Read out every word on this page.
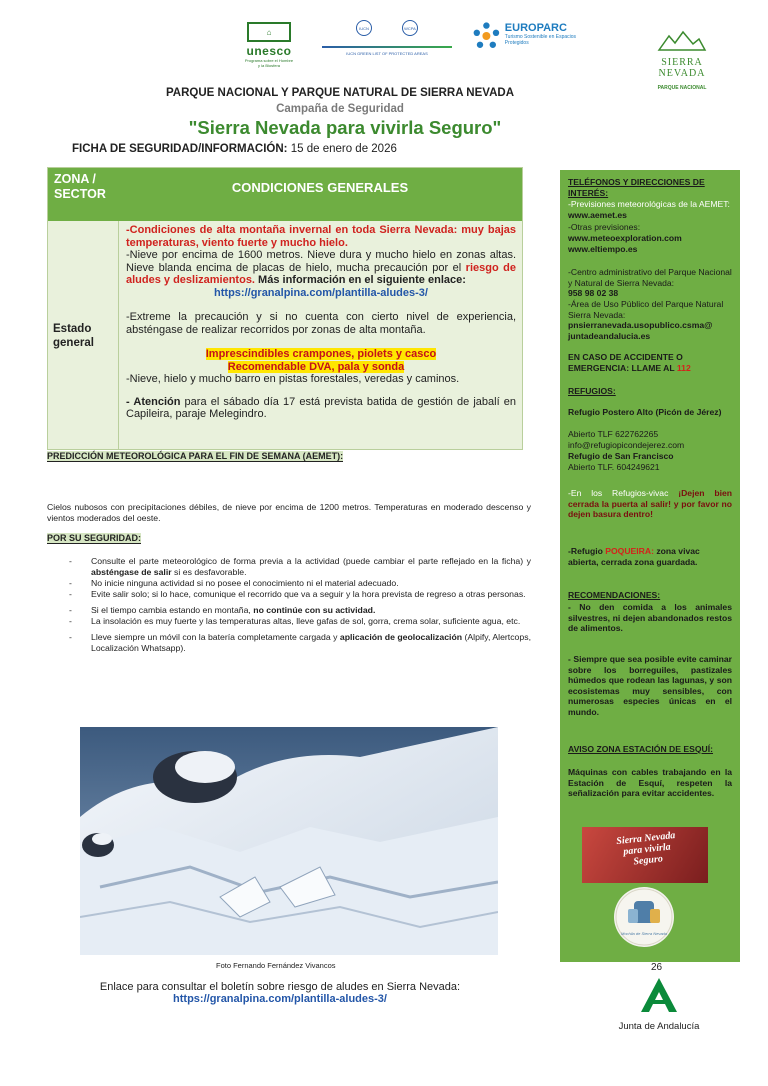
⌂
unesco
Programa sobre el Hombre y la Biosfera
IUCN	WCPA
IUCN GREEN LIST OF PROTECTED AREAS
EUROPARC
Turismo Sostenible en Espacios Protegidos
SIERRA
NEVADA
PARQUE NACIONAL
PARQUE NACIONAL Y PARQUE NATURAL DE SIERRA NEVADA
Campaña de Seguridad
"Sierra Nevada para vivirla Seguro"
FICHA DE SEGURIDAD/INFORMACIÓN: 15 de enero de 2026
ZONA / SECTOR	CONDICIONES GENERALES
Estado general
-Condiciones de alta montaña invernal en toda Sierra Nevada: muy bajas temperaturas, viento fuerte y mucho hielo.
-Nieve por encima de 1600 metros. Nieve dura y mucho hielo en zonas altas. Nieve blanda encima de placas de hielo, mucha precaución por el riesgo de aludes y deslizamientos. Más información en el siguiente enlace:
https://granalpina.com/plantilla-aludes-3/
-Extreme la precaución y si no cuenta con cierto nivel de experiencia, absténgase de realizar recorridos por zonas de alta montaña.
Imprescindibles crampones, piolets y casco
Recomendable DVA, pala y sonda
-Nieve, hielo y mucho barro en pistas forestales, veredas y caminos.
- Atención para el sábado día 17 está prevista batida de gestión de jabalí en Capileira, paraje Melegindro.
PREDICCIÓN METEOROLÓGICA PARA EL FIN DE SEMANA (AEMET):
Cielos nubosos con precipitaciones débiles, de nieve por encima de 1200 metros. Temperaturas en moderado descenso y vientos moderados del oeste.
POR SU SEGURIDAD:
-	Consulte el parte meteorológico de forma previa a la actividad (puede cambiar el parte reflejado en la ficha) y absténgase de salir si es desfavorable.
-	No inicie ninguna actividad si no posee el conocimiento ni el material adecuado.
-	Evite salir solo; si lo hace, comunique el recorrido que va a seguir y la hora prevista de regreso a otras personas.
-	Si el tiempo cambia estando en montaña, no continúe con su actividad.
-	La insolación es muy fuerte y las temperaturas altas, lleve gafas de sol, gorra, crema solar, suficiente agua, etc.
-	Lleve siempre un móvil con la batería completamente cargada y aplicación de geolocalización (Alpify, Alertcops, Localización Whatsapp).
Foto Fernando Fernández Vivancos
Enlace para consultar el boletín sobre riesgo de aludes en Sierra Nevada:
https://granalpina.com/plantilla-aludes-3/
TELÉFONOS Y DIRECCIONES DE INTERÉS:
-Previsiones meteorológicas de la AEMET: www.aemet.es
-Otras previsiones:
www.meteoexploration.com
www.eltiempo.es
-Centro administrativo del Parque Nacional y Natural de Sierra Nevada:
958 98 02 38
-Área de Uso Público del Parque Natural Sierra Nevada:
pnsierranevada.usopublico.csma@ juntadeandalucia.es
EN CASO DE ACCIDENTE O EMERGENCIA: LLAME AL 112
REFUGIOS:
Refugio Postero Alto (Picón de Jérez)
Abierto TLF 622762265
info@refugiopicondejerez.com
Refugio de San Francisco
Abierto TLF. 604249621
-En los Refugios-vivac ¡Dejen bien cerrada la puerta al salir! y por favor no dejen basura dentro!
-Refugio POQUEIRA: zona vivac abierta, cerrada zona guardada.
RECOMENDACIONES:
- No den comida a los animales silvestres, ni dejen abandonados restos de alimentos.
- Siempre que sea posible evite caminar sobre los borreguiles, pastizales húmedos que rodean las lagunas, y son ecosistemas muy sensibles, con numerosas especies únicas en el mundo.
AVISO ZONA ESTACIÓN DE ESQUÍ:
Máquinas con cables trabajando en la Estación de Esquí, respeten la señalización para evitar accidentes.
Sierra Nevada para vivirla Seguro
Mochila de Sierra Nevada
26
Junta de Andalucía
